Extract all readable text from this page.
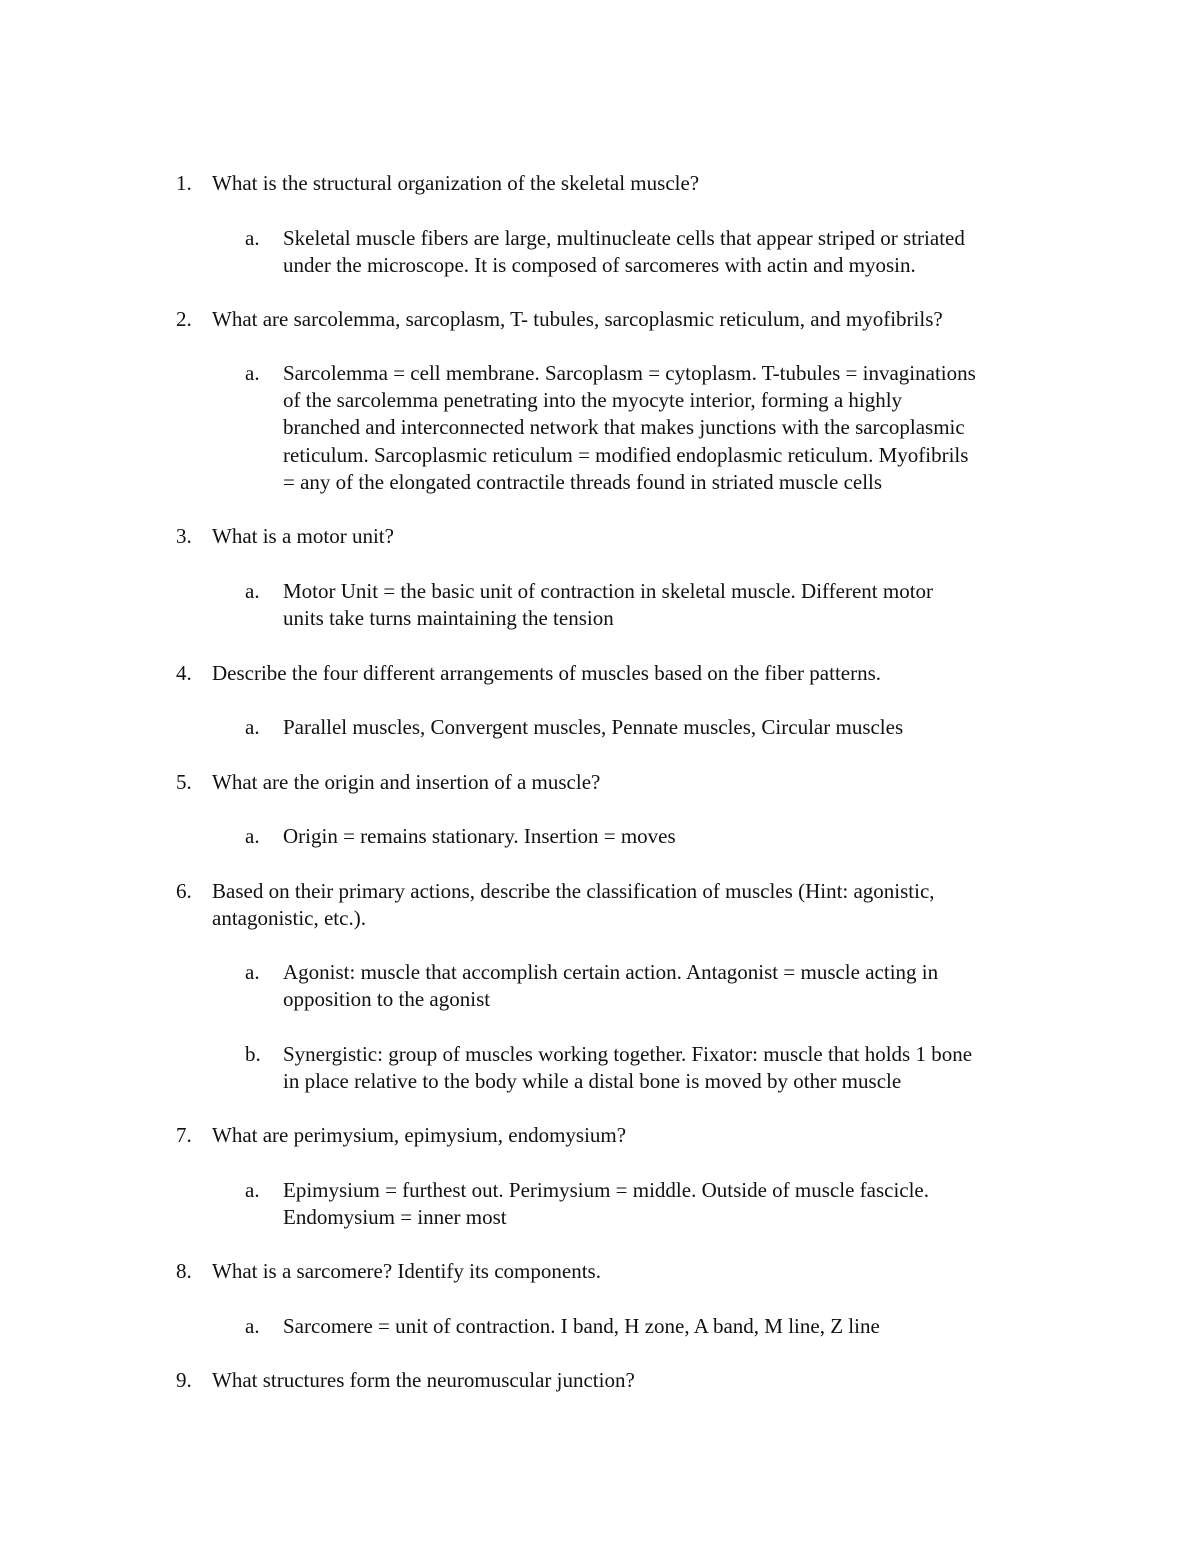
1. What is the structural organization of the skeletal muscle?

a. Skeletal muscle fibers are large, multinucleate cells that appear striped or striated

under the microscope. It is composed of sarcomeres with actin and myosin.

2. What are sarcolemma, sarcoplasm, T- tubules, sarcoplasmic reticulum, and myofibrils?

a. Sarcolemma = cell membrane. Sarcoplasm = cytoplasm. T-tubules = invaginations

of the sarcolemma penetrating into the myocyte interior, forming a highly

branched and interconnected network that makes junctions with the sarcoplasmic

reticulum. Sarcoplasmic reticulum = modified endoplasmic reticulum. Myofibrils

= any of the elongated contractile threads found in striated muscle cells

3. What is a motor unit?

a. Motor Unit = the basic unit of contraction in skeletal muscle. Different motor

units take turns maintaining the tension

4. Describe the four different arrangements of muscles based on the fiber patterns.

a. Parallel muscles, Convergent muscles, Pennate muscles, Circular muscles

5. What are the origin and insertion of a muscle?

a. Origin = remains stationary. Insertion = moves

6. Based on their primary actions, describe the classification of muscles (Hint: agonistic,

antagonistic, etc.).

a. Agonist: muscle that accomplish certain action. Antagonist = muscle acting in

opposition to the agonist

b. Synergistic: group of muscles working together. Fixator: muscle that holds 1 bone

in place relative to the body while a distal bone is moved by other muscle

7. What are perimysium, epimysium, endomysium?

a. Epimysium = furthest out. Perimysium = middle. Outside of muscle fascicle.

Endomysium = inner most

8. What is a sarcomere? Identify its components.

a. Sarcomere = unit of contraction. I band, H zone, A band, M line, Z line

9. What structures form the neuromuscular junction?
